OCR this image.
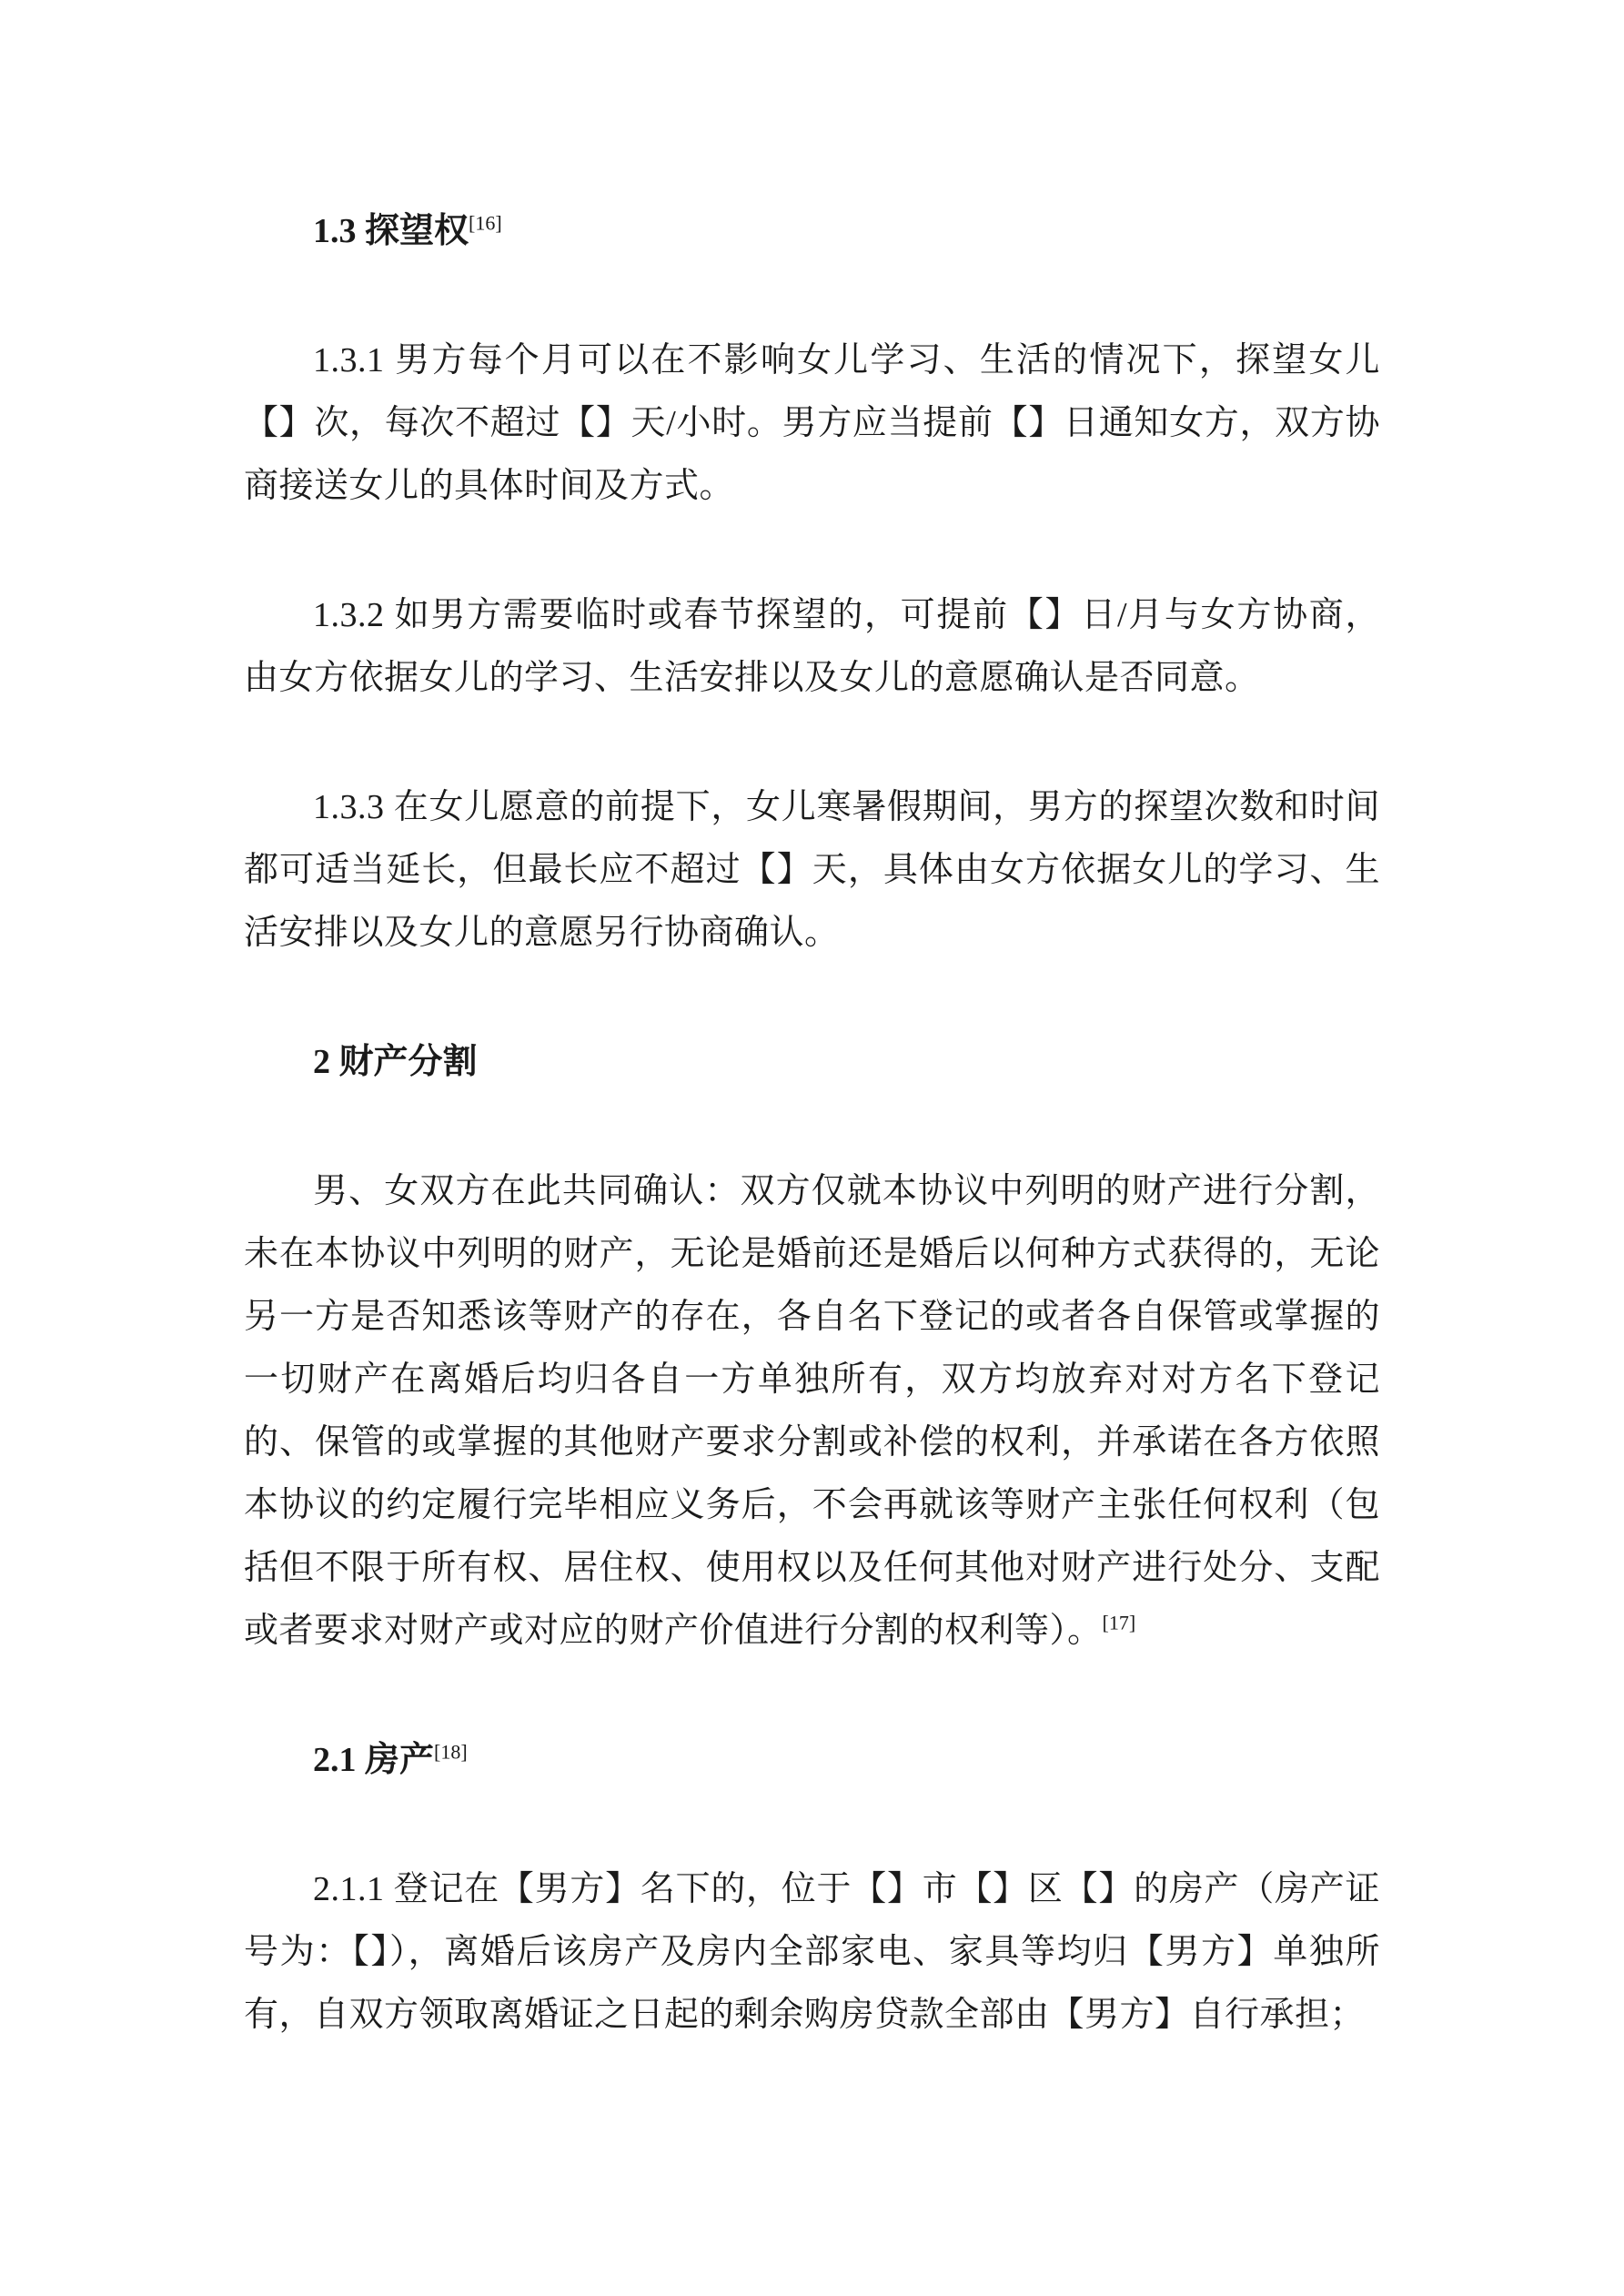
1.3 探望权[16]

1.3.1 男方每个月可以在不影响女儿学习、生活的情况下，探望女儿【】次，每次不超过【】天/小时。男方应当提前【】日通知女方，双方协商接送女儿的具体时间及方式。

1.3.2 如男方需要临时或春节探望的，可提前【】日/月与女方协商，由女方依据女儿的学习、生活安排以及女儿的意愿确认是否同意。

1.3.3 在女儿愿意的前提下，女儿寒暑假期间，男方的探望次数和时间都可适当延长，但最长应不超过【】天，具体由女方依据女儿的学习、生活安排以及女儿的意愿另行协商确认。

2 财产分割

男、女双方在此共同确认：双方仅就本协议中列明的财产进行分割，未在本协议中列明的财产，无论是婚前还是婚后以何种方式获得的，无论另一方是否知悉该等财产的存在，各自名下登记的或者各自保管或掌握的一切财产在离婚后均归各自一方单独所有，双方均放弃对对方名下登记的、保管的或掌握的其他财产要求分割或补偿的权利，并承诺在各方依照本协议的约定履行完毕相应义务后，不会再就该等财产主张任何权利（包括但不限于所有权、居住权、使用权以及任何其他对财产进行处分、支配或者要求对财产或对应的财产价值进行分割的权利等）。[17]

2.1 房产[18]

2.1.1 登记在【男方】名下的，位于【】市【】区【】的房产（房产证号为：【】），离婚后该房产及房内全部家电、家具等均归【男方】单独所有，自双方领取离婚证之日起的剩余购房贷款全部由【男方】自行承担；
